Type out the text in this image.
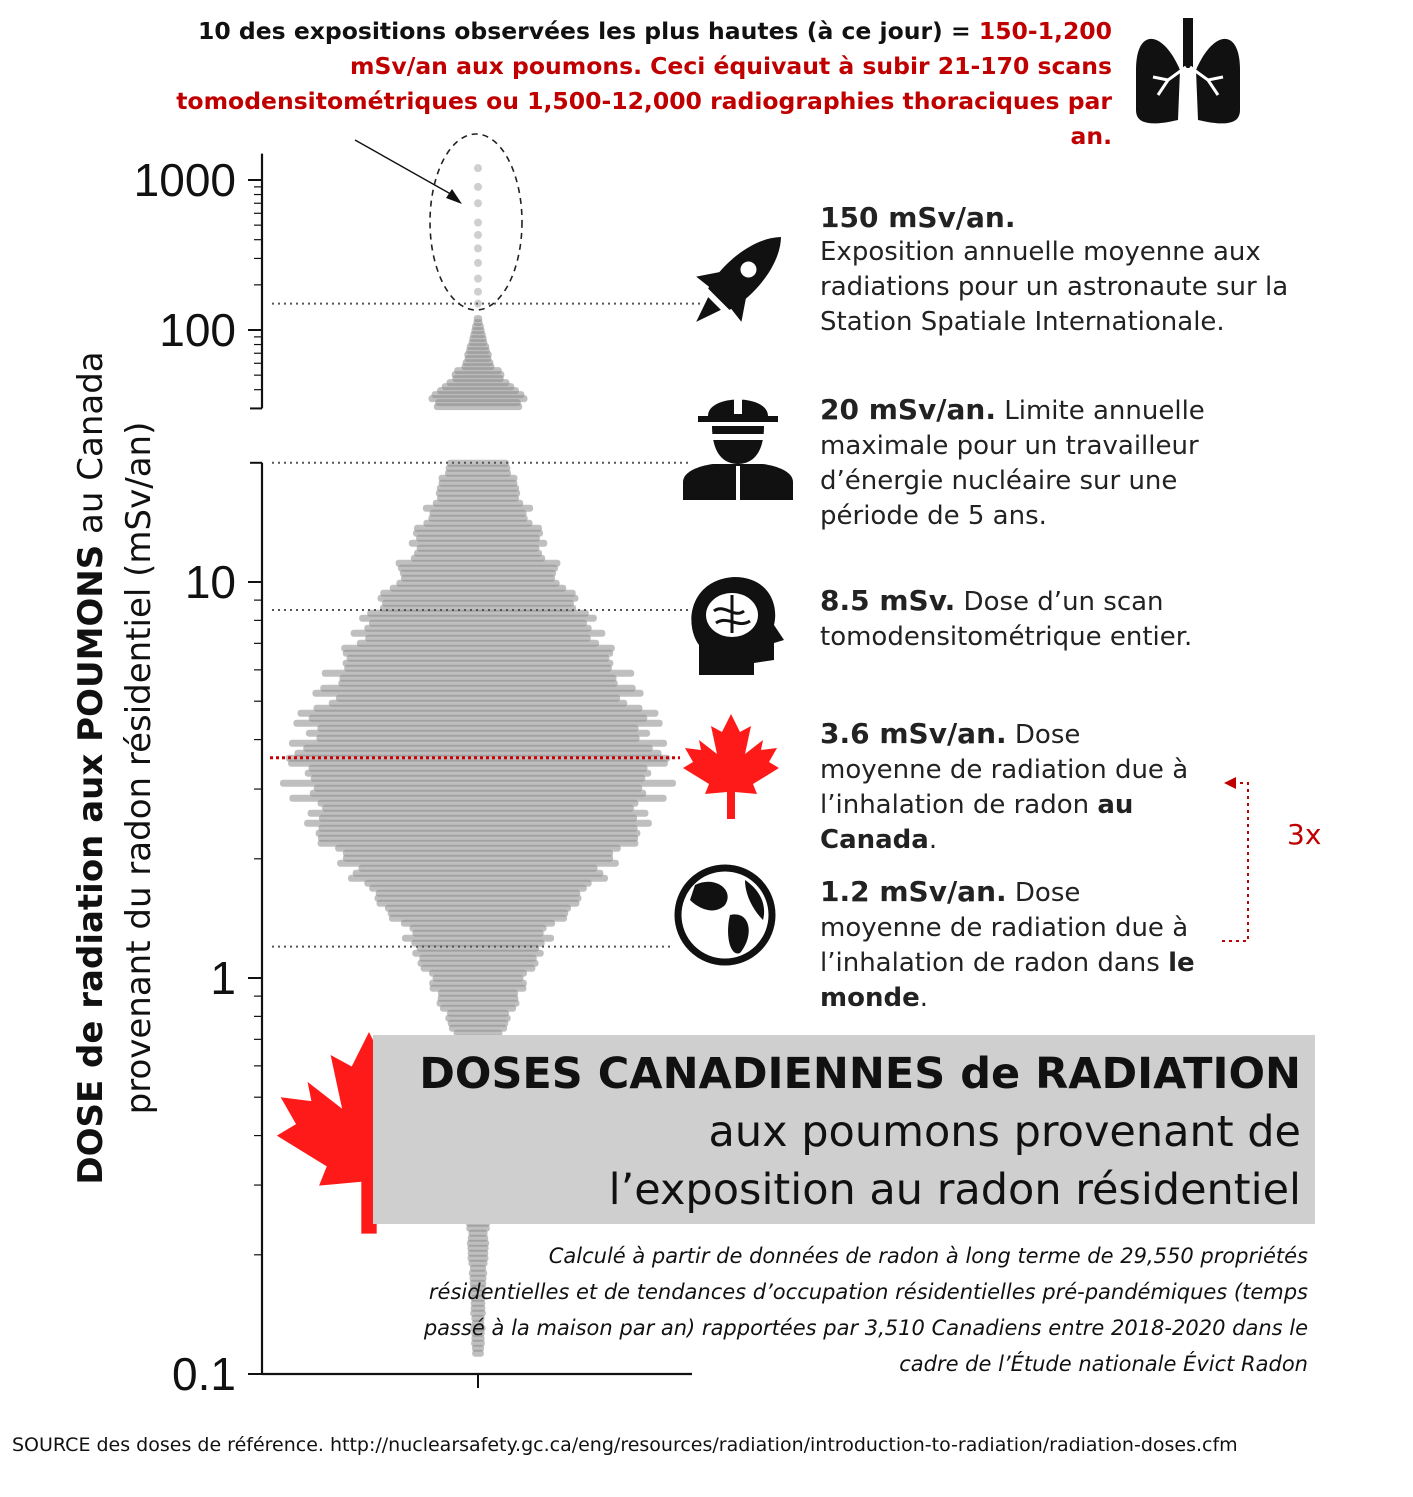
0.1
1
10
100
1000
10 des expositions observées les plus hautes (à ce jour) = 150-1,200 mSv/an aux poumons. Ceci équivaut à subir 21-170 scans tomodensitométriques ou 1,500-12,000 radiographies thoraciques par an.
DOSE de radiation aux POUMONS au Canada provenant du radon résidentiel (mSv/an)
150 mSv/an.
Exposition annuelle moyenne aux radiations pour un astronaute sur la Station Spatiale Internationale.
20 mSv/an. Limite annuelle maximale pour un travailleur d’énergie nucléaire sur une période de 5 ans.
8.5 mSv. Dose d’un scan tomodensitométrique entier.
3.6 mSv/an. Dose moyenne de radiation due à l’inhalation de radon au Canada.
1.2 mSv/an. Dose moyenne de radiation due à l’inhalation de radon dans le monde.
3x
DOSES CANADIENNES de RADIATION
aux poumons provenant de
l’exposition au radon résidentiel
Calculé à partir de données de radon à long terme de 29,550 propriétés résidentielles et de tendances d’occupation résidentielles pré-pandémiques (temps passé à la maison par an) rapportées par 3,510 Canadiens entre 2018-2020 dans le cadre de l’Étude nationale Évict Radon
SOURCE des doses de référence. http://nuclearsafety.gc.ca/eng/resources/radiation/introduction-to-radiation/radiation-doses.cfm
